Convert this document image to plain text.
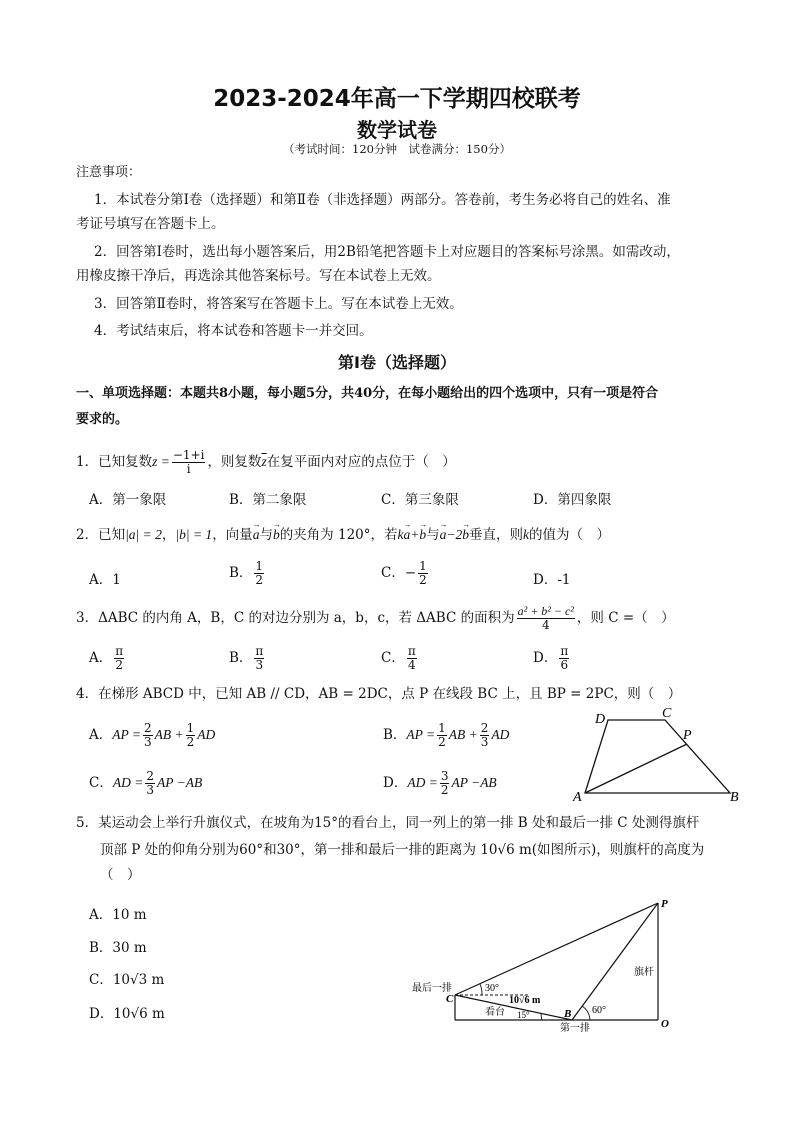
2023-2024年高一下学期四校联考
数学试卷
（考试时间：120分钟　试卷满分：150分）
注意事项：
1．本试卷分第Ⅰ卷（选择题）和第Ⅱ卷（非选择题）两部分。答卷前，考生务必将自己的姓名、准
考证号填写在答题卡上。
2．回答第Ⅰ卷时，选出每小题答案后，用2B铅笔把答题卡上对应题目的答案标号涂黑。如需改动，
用橡皮擦干净后，再选涂其他答案标号。写在本试卷上无效。
3．回答第Ⅱ卷时，将答案写在答题卡上。写在本试卷上无效。
4．考试结束后，将本试卷和答题卡一并交回。
第Ⅰ卷（选择题）
一、单项选择题：本题共8小题，每小题5分，共40分，在每小题给出的四个选项中，只有一项是符合
要求的。
1．已知复数$z = \frac{-1+i}{i}$ ，则复数$\overline{z}$在复平面内对应的点位于（　）
A．第一象限	B．第二象限	C．第三象限	D．第四象限
2．已知|a| = 2，|b| = 1，向量→ a与→ b的夹角为 120°，若k→ a+→ b与→ a−2→ b垂直，则k的值为（　）
A．1	B． $\frac{1}{2}$	C．− $\frac{1}{2}$	D．-1
3．ΔABC 的内角 A，B，C 的对边分别为 a，b，c，若 ΔABC 的面积为 $\frac{\text{a² + b² − c²}}{4}$ ，则 C =（　）
A． $\frac{\pi}{2}$	B． $\frac{\pi}{3}$	C． $\frac{\pi}{4}$	D． $\frac{\pi}{6}$
4．在梯形 ABCD 中，已知 AB // CD，AB = 2DC，点 P 在线段 BC 上，且 BP = 2PC，则（　）
A．AP = $\frac{2}{3}$ AB + $\frac{1}{2}$ AD	B．AP = $\frac{1}{2}$ AB + $\frac{2}{3}$ AD
C．AD = $\frac{2}{3}$ AP −AB	D．AD = $\frac{3}{2}$ AP −AB
D	C
P
A	B
5．某运动会上举行升旗仪式，在坡角为15°的看台上，同一列上的第一排 B 处和最后一排 C 处测得旗杆
顶部 P 处的仰角分别为60°和30°，第一排和最后一排的距离为 10√6 m(如图所示)，则旗杆的高度为
（　）
A．10 m
B．30 m
C．10√3 m
D．10√6 m
最后一排
C
30°
10√6 m
看台 15°	B 60°
第一排
旗杆
P
O
